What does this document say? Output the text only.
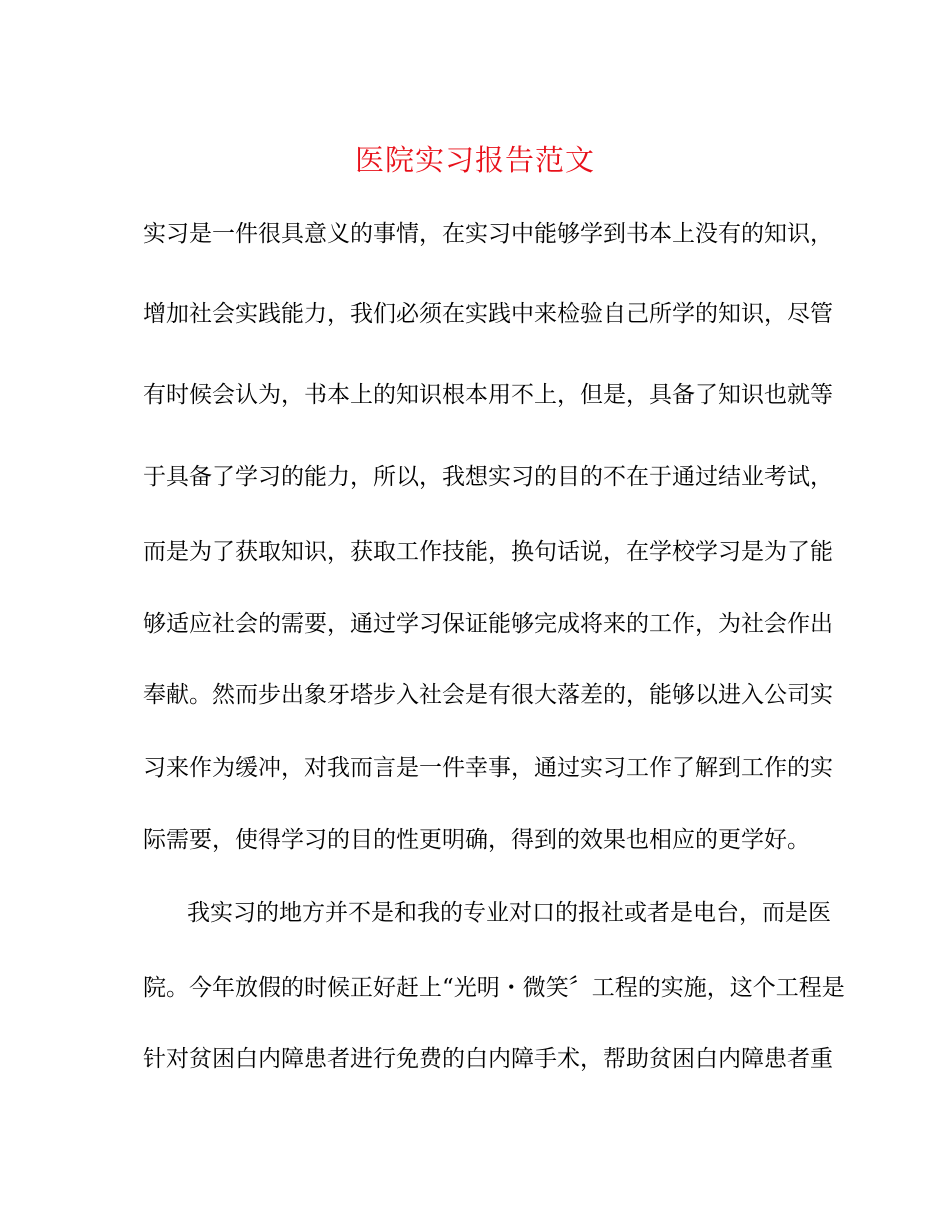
医院实习报告范文
实习是一件很具意义的事情，在实习中能够学到书本上没有的知识，
增加社会实践能力，我们必须在实践中来检验自己所学的知识，尽管
有时候会认为，书本上的知识根本用不上，但是，具备了知识也就等
于具备了学习的能力，所以，我想实习的目的不在于通过结业考试，
而是为了获取知识，获取工作技能，换句话说，在学校学习是为了能
够适应社会的需要，通过学习保证能够完成将来的工作，为社会作出
奉献。然而步出象牙塔步入社会是有很大落差的，能够以进入公司实
习来作为缓冲，对我而言是一件幸事，通过实习工作了解到工作的实
际需要，使得学习的目的性更明确，得到的效果也相应的更学好。
我实习的地方并不是和我的专业对口的报社或者是电台，而是医
院。今年放假的时候正好赶上“光明・微笑〞工程的实施，这个工程是
针对贫困白内障患者进行免费的白内障手术，帮助贫困白内障患者重
